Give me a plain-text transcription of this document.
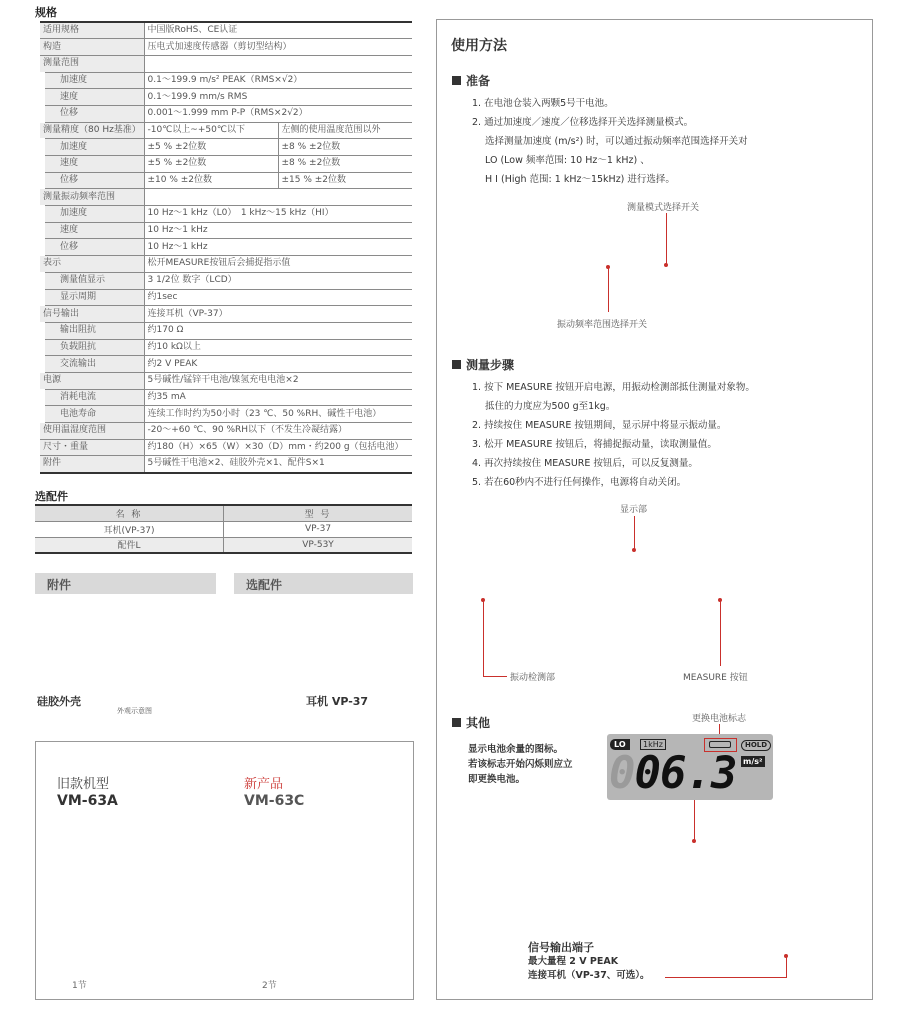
规格
适用规格	中国版RoHS、CE认证	
构造	压电式加速度传感器（剪切型结构）	
测量范围		
加速度	0.1～199.9 m/s² PEAK（RMS×√2）	
速度	0.1～199.9 mm/s RMS	
位移	0.001～1.999 mm P-P（RMS×2√2）	
测量精度（80 Hz基准）	-10℃以上~+50℃以下	左侧的使用温度范围以外
加速度	±5 % ±2位数	±8 % ±2位数
速度	±5 % ±2位数	±8 % ±2位数
位移	±10 % ±2位数	±15 % ±2位数
测量振动频率范围		
加速度	10 Hz～1 kHz（L0）　1 kHz～15 kHz（HI）	
速度	10 Hz～1 kHz	
位移	10 Hz～1 kHz	
表示	松开MEASURE按钮后会捕捉指示值	
测量值显示	3 1/2位 数字（LCD）	
显示周期	约1sec	
信号输出	连接耳机（VP-37）	
输出阻抗	约170 Ω	
负载阻抗	约10 kΩ以上	
交流输出	约2 V PEAK	
电源	5号碱性/锰锌干电池/镍氢充电电池×2	
消耗电流	约35 mA	
电池寿命	连续工作时约为50小时（23 ℃、50 %RH、碱性干电池）	
使用温湿度范围	-20～+60 ℃、90 %RH以下（不发生冷凝结露）	
尺寸・重量	约180（H）×65（W）×30（D）mm・约200 g（包括电池）	
附件	5号碱性干电池×2、硅胶外壳×1、配件S×1	
选配件
名 称	型 号
耳机(VP-37)	VP-37
配件L	VP-53Y
附件	选配件
硅胶外壳
外观示意图
耳机 VP-37
旧款机型
VM-63A
新产品
VM-63C
1节	2节
使用方法
准备
1. 在电池仓装入两颗5号干电池。
2. 通过加速度／速度／位移选择开关选择测量模式。
选择测量加速度 (m/s²) 时，可以通过振动频率范围选择开关对
LO (Low 频率范围: 10 Hz～1 kHz) 、
H I (High 范围: 1 kHz～15kHz) 进行选择。
测量模式选择开关
振动频率范围选择开关
测量步骤
1. 按下 MEASURE 按钮开启电源，用振动检测部抵住测量对象物。
抵住的力度应为500 g至1kg。
2. 持续按住 MEASURE 按钮期间，显示屏中将显示振动量。
3. 松开 MEASURE 按钮后，将捕捉振动量，读取测量值。
4. 再次持续按住 MEASURE 按钮后，可以反复测量。
5. 若在60秒内不进行任何操作，电源将自动关闭。
显示部
振动检测部	MEASURE 按钮
其他
显示电池余量的图标。
若该标志开始闪烁则应立
即更换电池。
更换电池标志
LO	1kHz	HOLD
m/s²
006.3
信号输出端子
最大量程 2 V PEAK
连接耳机（VP-37、可选）。
